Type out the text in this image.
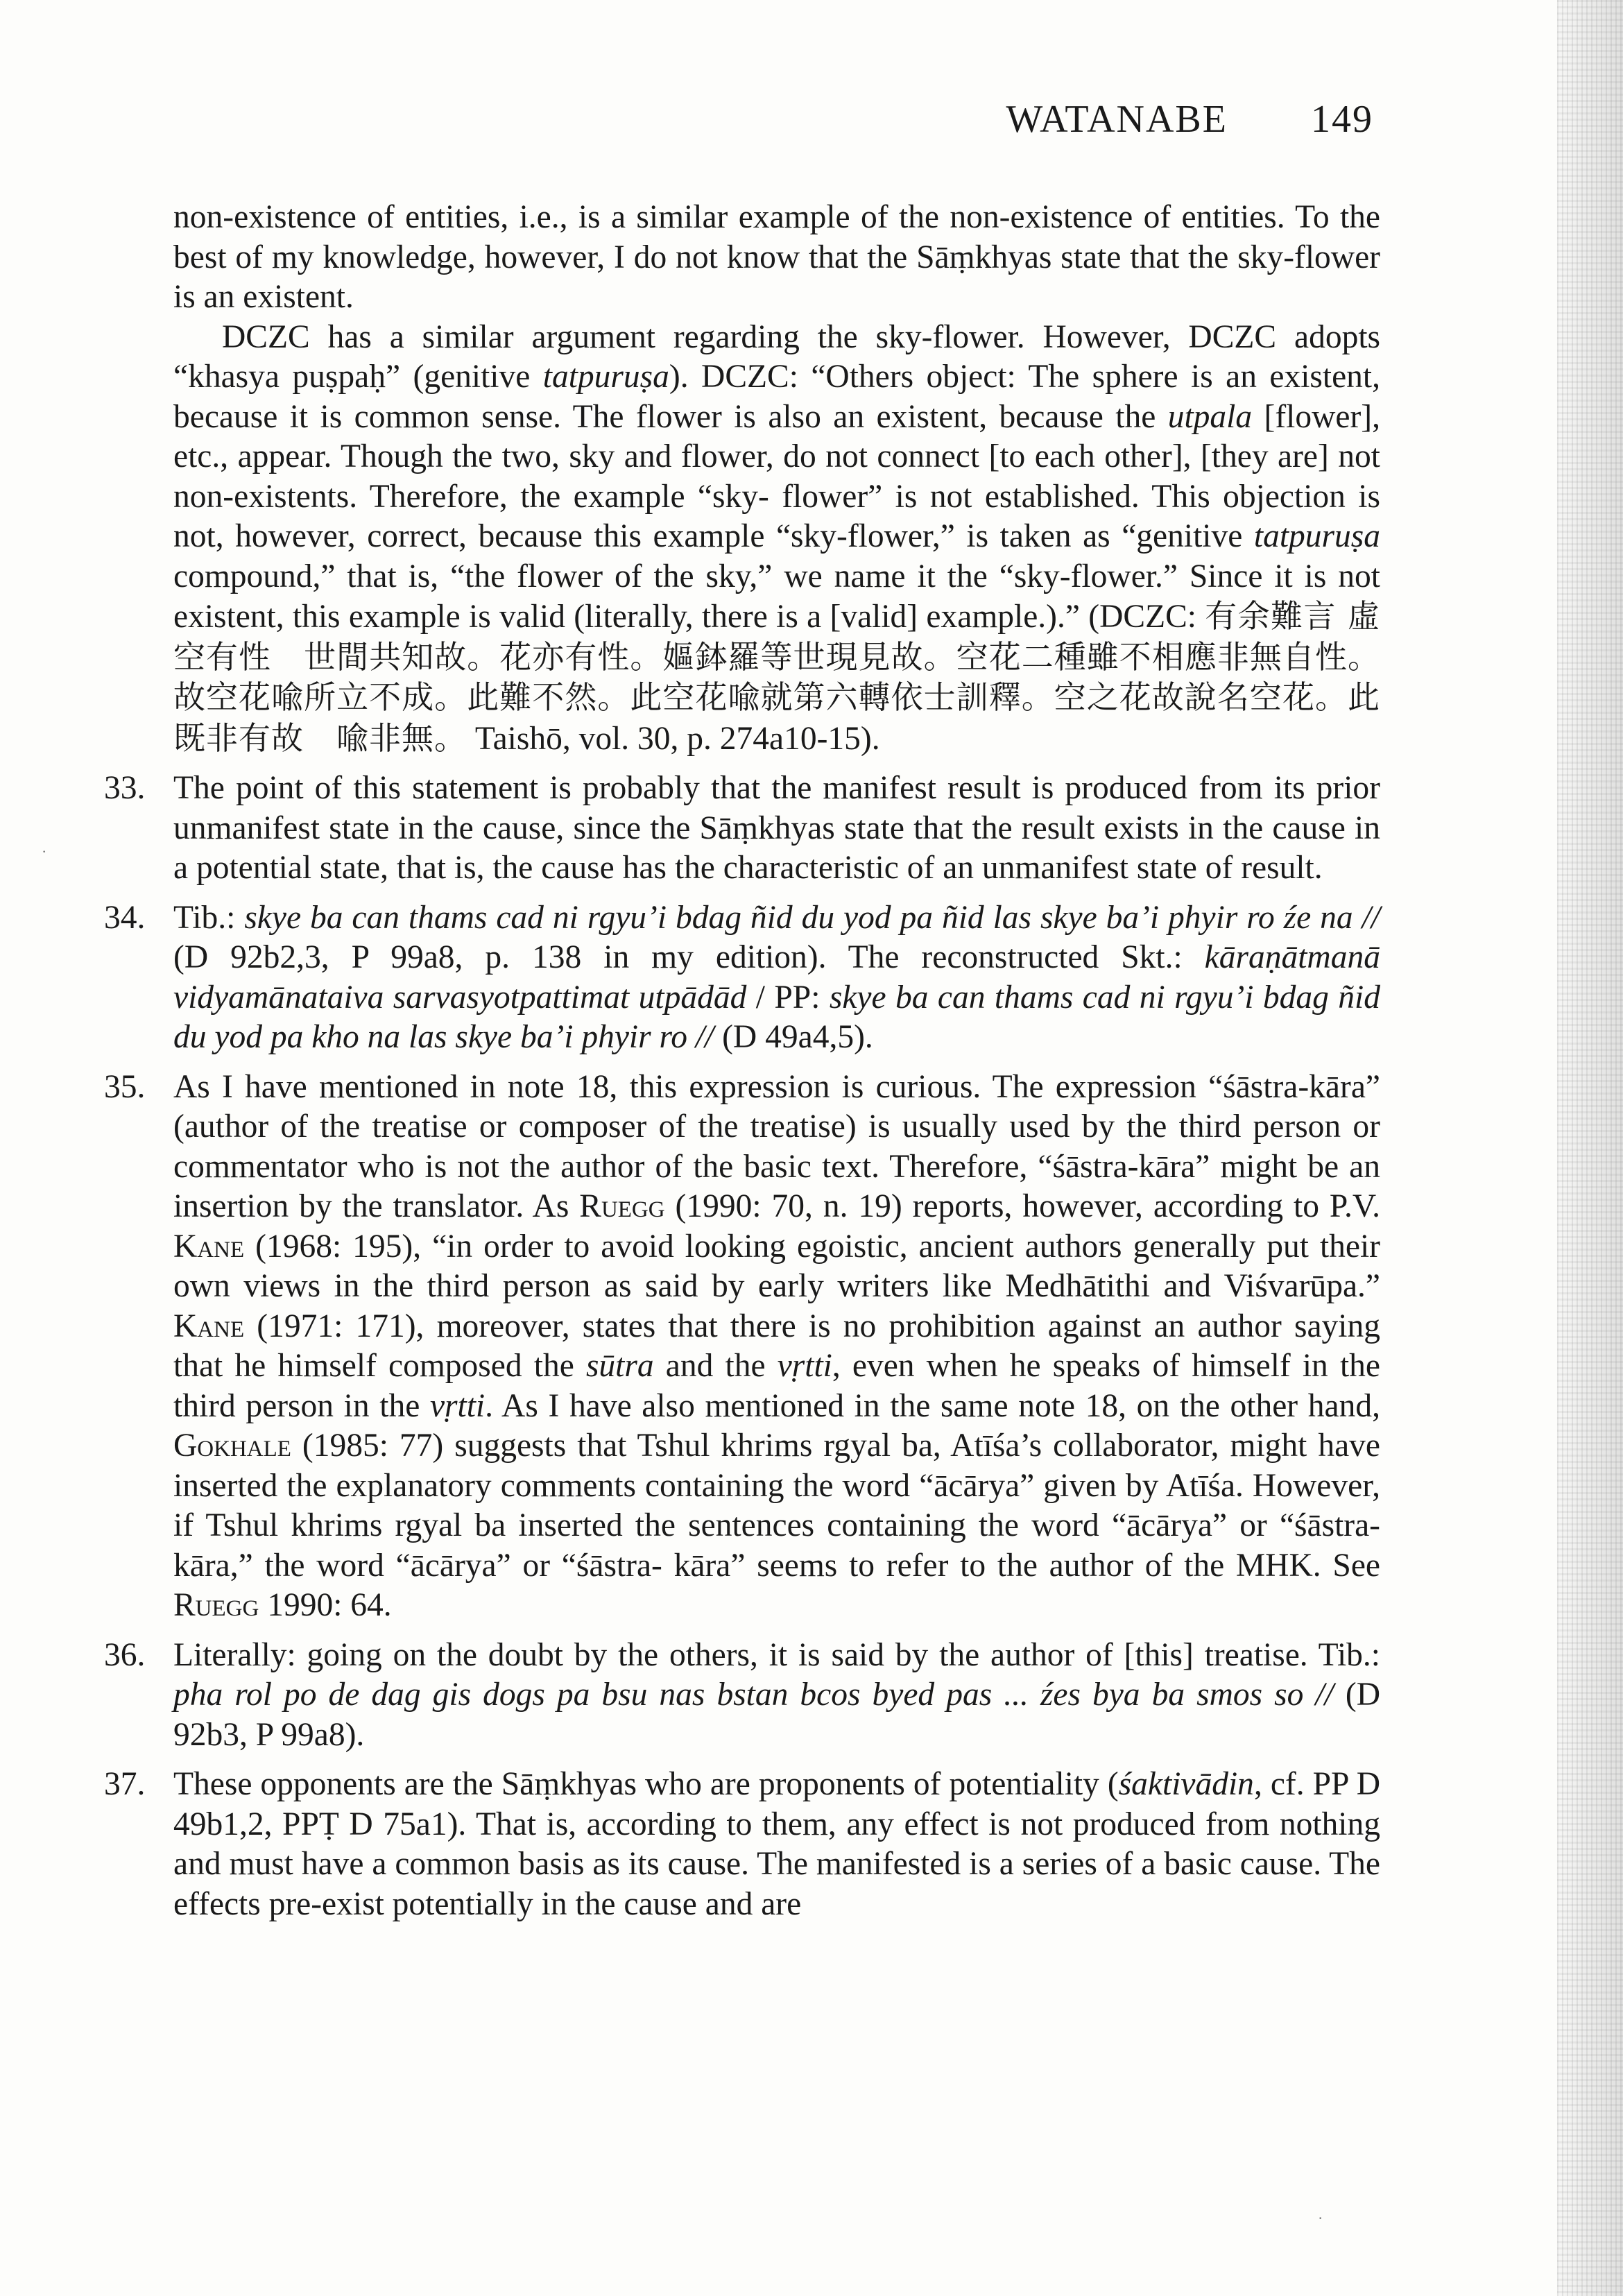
WATANABE 149

non-existence of entities, i.e., is a similar example of the non-existence of entities. To the best of my knowledge, however, I do not know that the Sāṃkhyas state that the sky-flower is an existent.

DCZC has a similar argument regarding the sky-flower. However, DCZC adopts “khasya puṣpaḥ” (genitive tatpuruṣa). DCZC: “Others object: The sphere is an existent, because it is common sense. The flower is also an existent, because the utpala [flower], etc., appear. Though the two, sky and flower, do not connect [to each other], [they are] not non-existents. Therefore, the example “sky- flower” is not established. This objection is not, however, correct, because this example “sky-flower,” is taken as “genitive tatpuruṣa compound,” that is, “the flower of the sky,” we name it the “sky-flower.” Since it is not existent, this example is valid (literally, there is a [valid] example.).” (DCZC: 有余難言 虛空有性　世間共知故。花亦有性。嫗鉢羅等世現見故。空花二種雖不相應非無自性。故空花喩所立不成。此難不然。此空花喩就第六轉依士訓釋。空之花故說名空花。此既非有故　喩非無。 Taishō, vol. 30, p. 274a10-15).

33. The point of this statement is probably that the manifest result is produced from its prior unmanifest state in the cause, since the Sāṃkhyas state that the result exists in the cause in a potential state, that is, the cause has the characteristic of an unmanifest state of result.

34. Tib.: skye ba can thams cad ni rgyu’i bdag ñid du yod pa ñid las skye ba’i phyir ro źe na // (D 92b2,3, P 99a8, p. 138 in my edition). The reconstructed Skt.: kāraṇātmanā vidyamānataiva sarvasyotpattimat utpādād / PP: skye ba can thams cad ni rgyu’i bdag ñid du yod pa kho na las skye ba’i phyir ro // (D 49a4,5).

35. As I have mentioned in note 18, this expression is curious. The expression “śāstra-kāra” (author of the treatise or composer of the treatise) is usually used by the third person or commentator who is not the author of the basic text. Therefore, “śāstra-kāra” might be an insertion by the translator. As Ruegg (1990: 70, n. 19) reports, however, according to P.V. Kane (1968: 195), “in order to avoid looking egoistic, ancient authors generally put their own views in the third person as said by early writers like Medhātithi and Viśvarūpa.” Kane (1971: 171), moreover, states that there is no prohibition against an author saying that he himself composed the sūtra and the vṛtti, even when he speaks of himself in the third person in the vṛtti. As I have also mentioned in the same note 18, on the other hand, Gokhale (1985: 77) suggests that Tshul khrims rgyal ba, Atīśa’s collaborator, might have inserted the explanatory comments containing the word “ācārya” given by Atīśa. However, if Tshul khrims rgyal ba inserted the sentences containing the word “ācārya” or “śāstra-kāra,” the word “ācārya” or “śāstra- kāra” seems to refer to the author of the MHK. See Ruegg 1990: 64.

36. Literally: going on the doubt by the others, it is said by the author of [this] treatise. Tib.: pha rol po de dag gis dogs pa bsu nas bstan bcos byed pas ... źes bya ba smos so // (D 92b3, P 99a8).

37. These opponents are the Sāṃkhyas who are proponents of potentiality (śaktivādin, cf. PP D 49b1,2, PPṬ D 75a1). That is, according to them, any effect is not produced from nothing and must have a common basis as its cause. The manifested is a series of a basic cause. The effects pre-exist potentially in the cause and are

·
·
